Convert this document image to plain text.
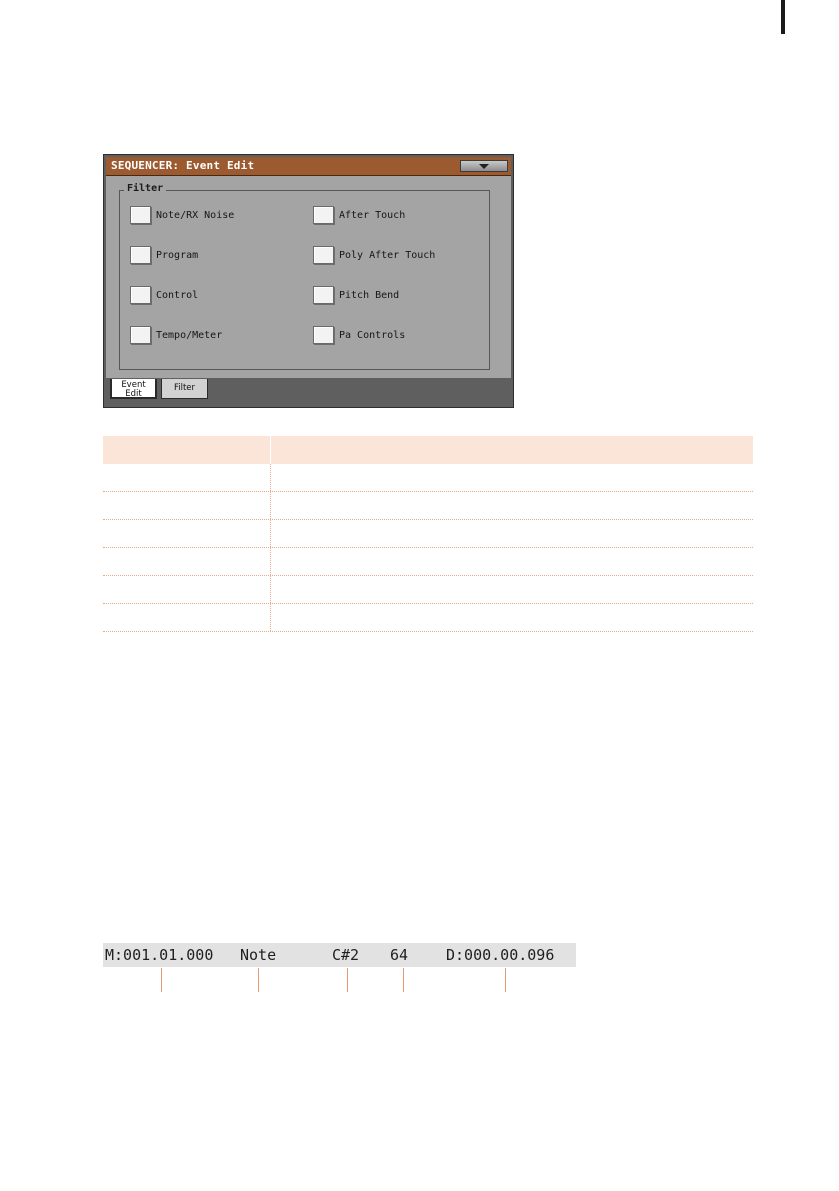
SEQUENCER: Event Edit
Filter
Note/RX Noise
Program
Control
Tempo/Meter
After Touch
Poly After Touch
Pitch Bend
Pa Controls
Event
Edit
Filter
M:001.01.000 Note	C#2 64	D:000.00.096
